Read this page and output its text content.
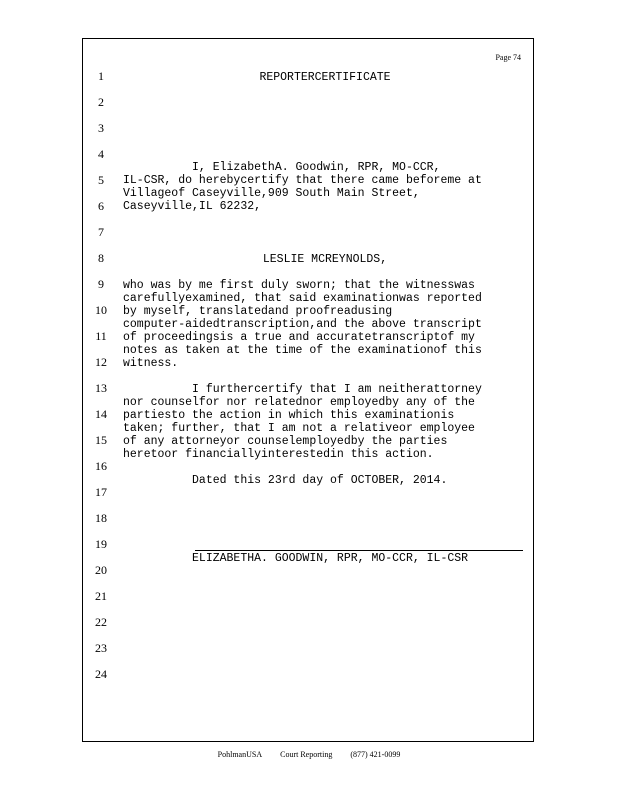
Page 74
1
2
3
4
5
6
7
8
9
10
11
12
13
14
15
16
17
18
19
20
21
22
23
24
REPORTERCERTIFICATE
I, ElizabethA. Goodwin, RPR, MO-CCR,
IL-CSR, do herebycertify that there came beforeme at
Villageof Caseyville,909 South Main Street,
Caseyville,IL 62232,
LESLIE MCREYNOLDS,
who was by me first duly sworn; that the witnesswas
carefullyexamined, that said examinationwas reported
by myself, translatedand proofreadusing
computer-aidedtranscription,and the above transcript
of proceedingsis a true and accuratetranscriptof my
notes as taken at the time of the examinationof this
witness.
I furthercertify that I am neitherattorney
nor counselfor nor relatednor employedby any of the
partiesto the action in which this examinationis
taken; further, that I am not a relativeor employee
of any attorneyor counselemployedby the parties
heretoor financiallyinterestedin this action.
Dated this 23rd day of OCTOBER, 2014.
ELIZABETHA. GOODWIN, RPR, MO-CCR, IL-CSR
PohlmanUSA Court Reporting (877) 421-0099
